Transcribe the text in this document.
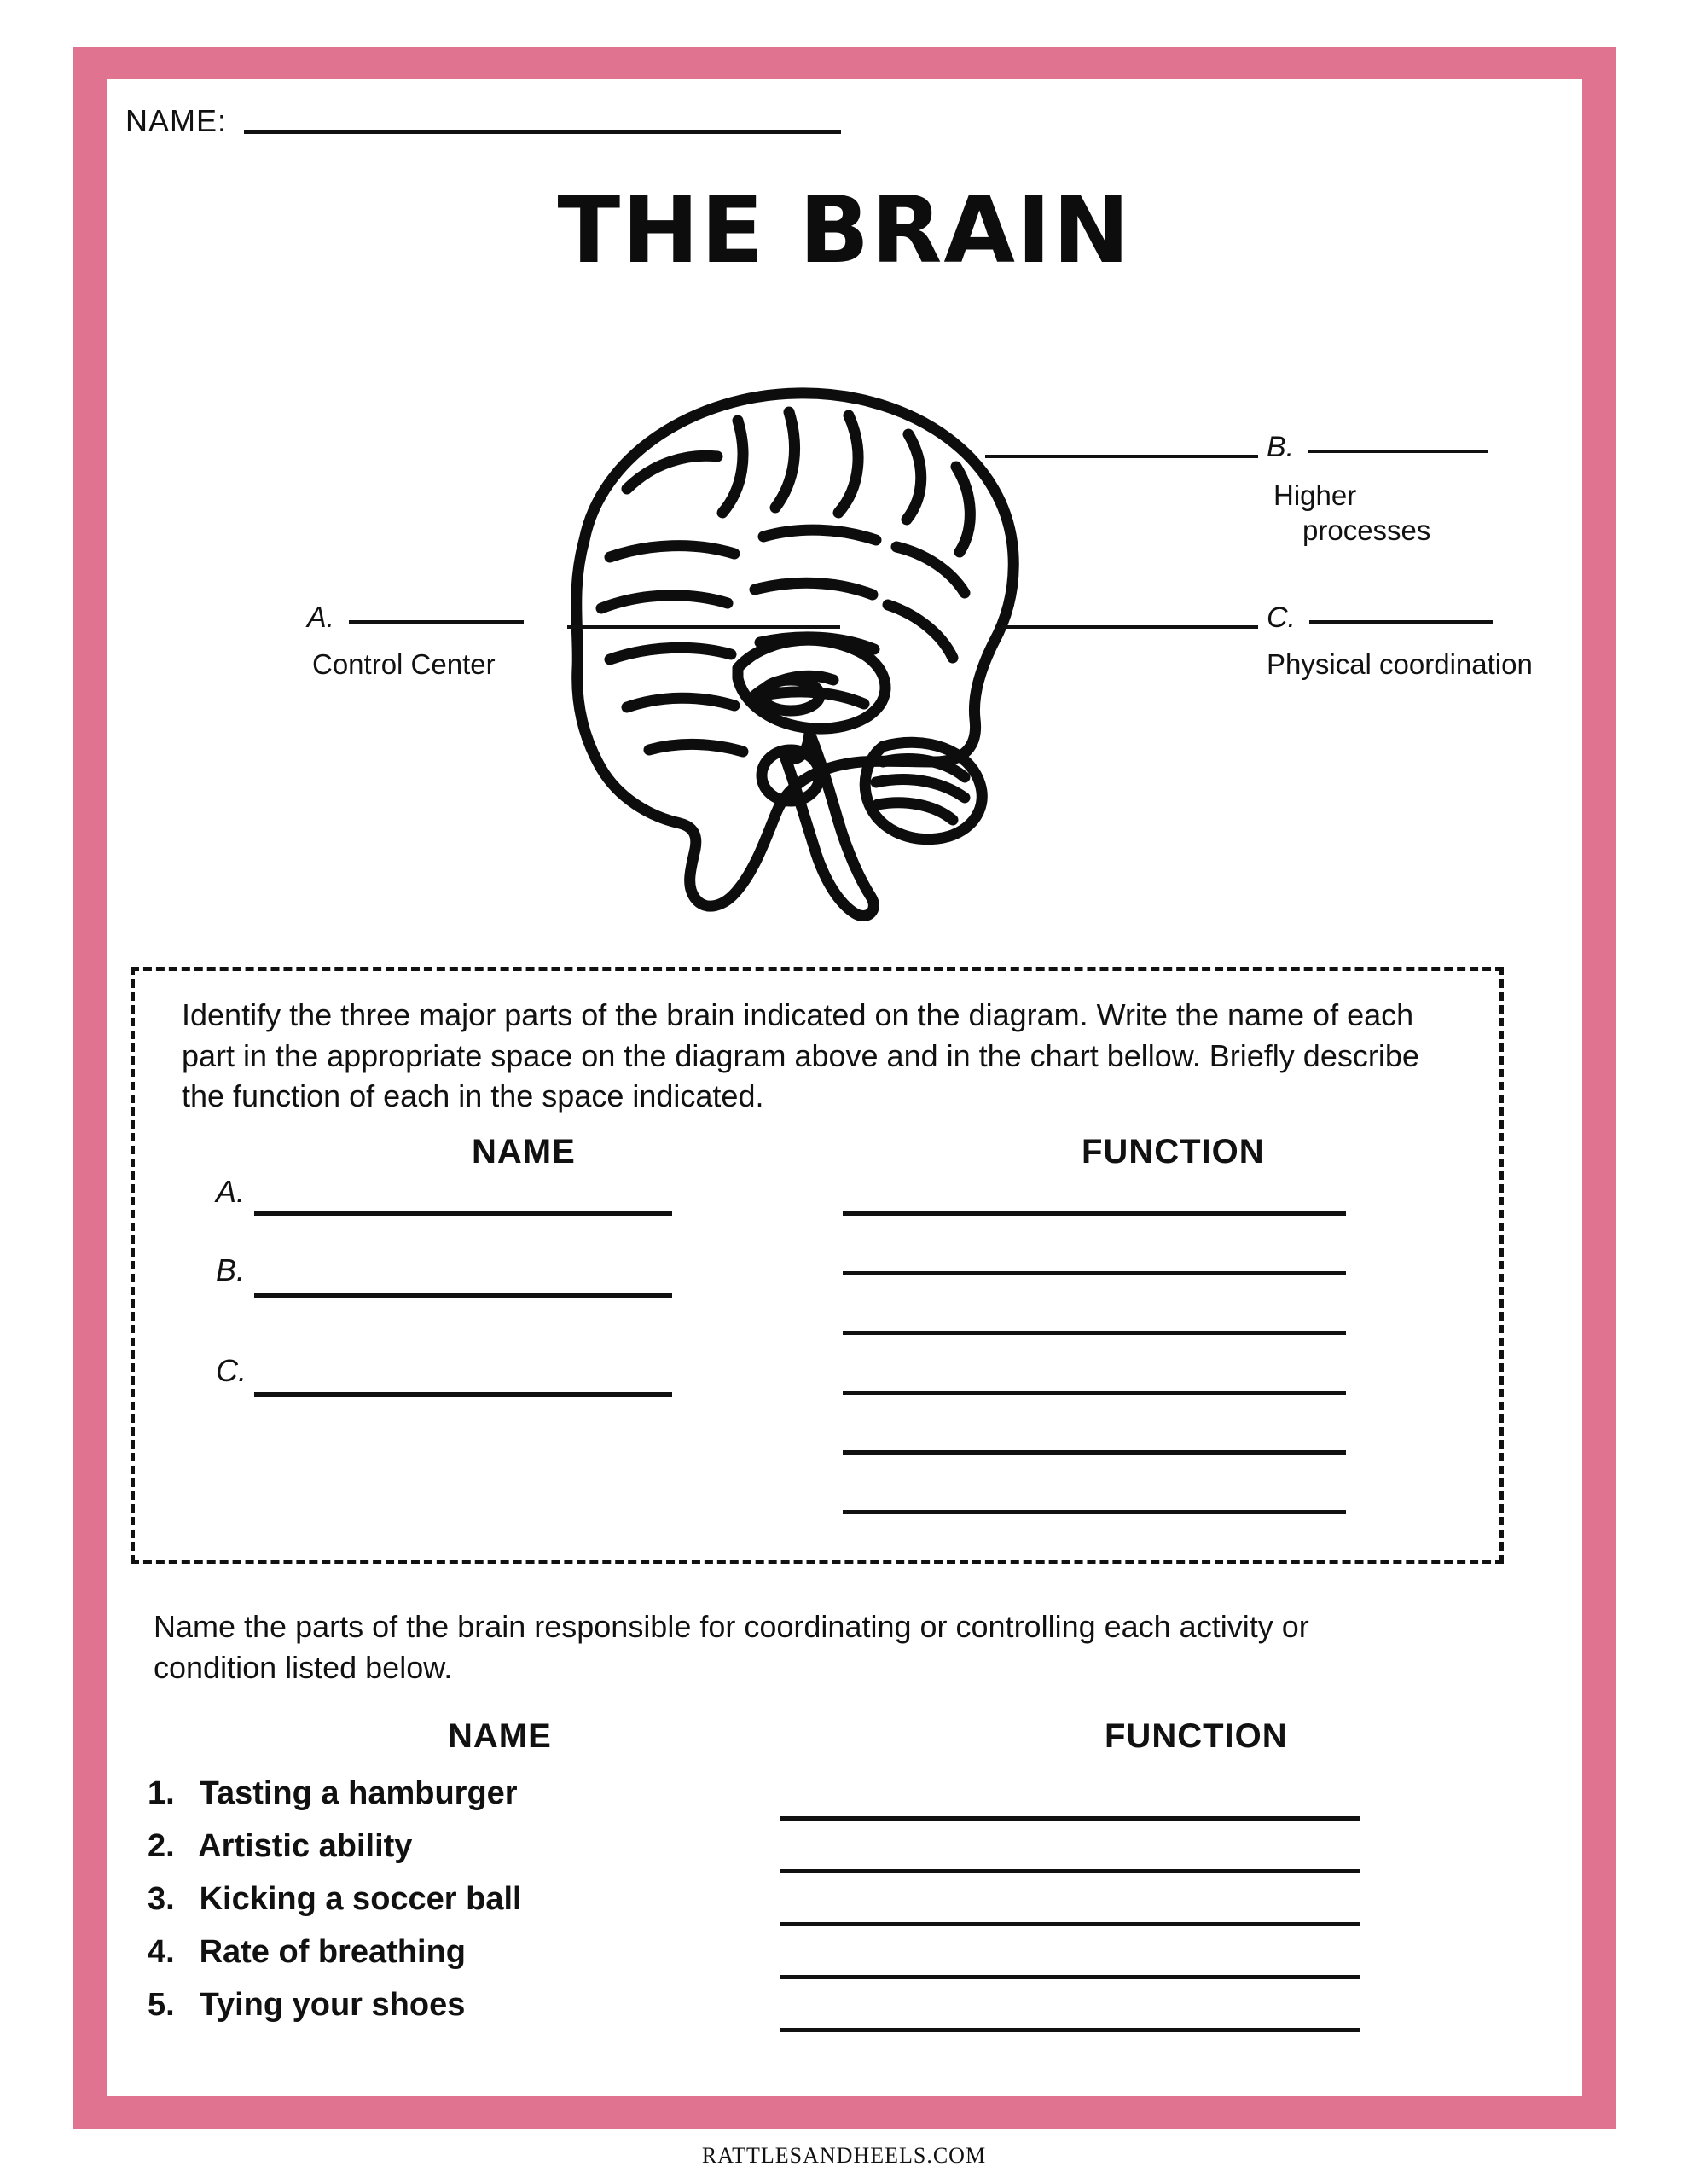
NAME:
THE BRAIN
B.
Higher
processes
A.
Control Center
C.
Physical coordination
Identify the three major parts of the brain indicated on the diagram. Write the name of each part in the appropriate space on the diagram above and in the chart bellow. Briefly describe the function of each in the space indicated.
NAME	FUNCTION
A.
B.
C.
Name the parts of the brain responsible for coordinating or controlling each activity or condition listed below.
NAME	FUNCTION
1. Tasting a hamburger
2. Artistic ability
3. Kicking a soccer ball
4. Rate of breathing
5. Tying your shoes
RATTLESANDHEELS.COM
